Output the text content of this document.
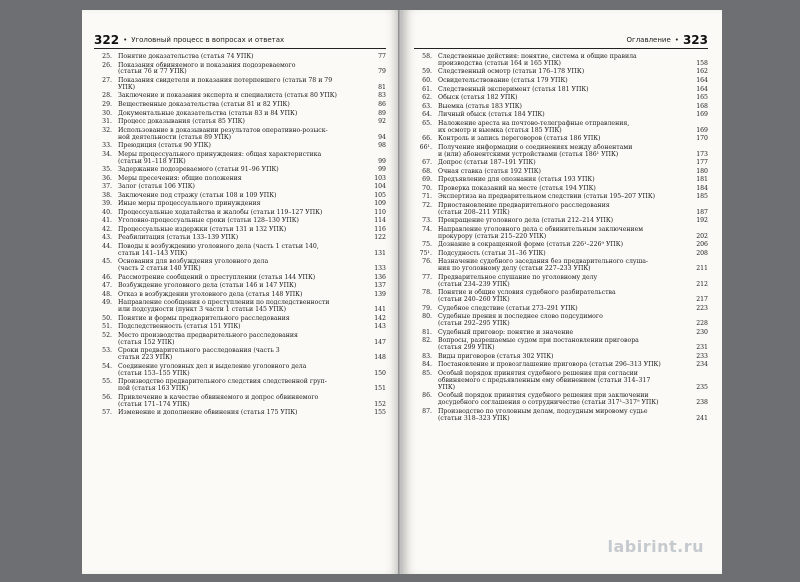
322 • Уголовный процесс в вопросах и ответах
25. Понятие доказательства (статья 74 УПК)	77
26. Показания обвиняемого и показания подозреваемого
(статьи 76 и 77 УПК)	79
27. Показания свидетеля и показания потерпевшего (статьи 78 и 79
УПК)	81
28. Заключение и показания эксперта и специалиста (статья 80 УПК)	83
29. Вещественные доказательства (статьи 81 и 82 УПК)	86
30. Документальные доказательства (статьи 83 и 84 УПК)	89
31. Процесс доказывания (статья 85 УПК)	92
32. Использование в доказывании результатов оперативно-розыск-
ной деятельности (статья 89 УПК)	94
33. Преюдиция (статья 90 УПК)	98
34. Меры процессуального принуждения: общая характеристика
(статьи 91–118 УПК)	99
35. Задержание подозреваемого (статьи 91–96 УПК)	99
36. Меры пресечения: общие положения	103
37. Залог (статья 106 УПК)	104
38. Заключение под стражу (статьи 108 и 109 УПК)	105
39. Иные меры процессуального принуждения	109
40. Процессуальные ходатайства и жалобы (статьи 119–127 УПК)	110
41. Уголовно-процессуальные сроки (статьи 128–130 УПК)	114
42. Процессуальные издержки (статьи 131 и 132 УПК)	116
43. Реабилитация (статьи 133–139 УПК)	122
44. Поводы к возбуждению уголовного дела (часть 1 статьи 140,
статьи 141–143 УПК)	131
45. Основания для возбуждения уголовного дела
(часть 2 статьи 140 УПК)	133
46. Рассмотрение сообщений о преступлении (статья 144 УПК)	136
47. Возбуждение уголовного дела (статьи 146 и 147 УПК)	137
48. Отказ в возбуждении уголовного дела (статья 148 УПК)	139
49. Направление сообщения о преступлении по подследственности
или подсудности (пункт 3 части 1 статьи 145 УПК)	141
50. Понятие и формы предварительного расследования	142
51. Подследственность (статья 151 УПК)	143
52. Место производства предварительного расследования
(статья 152 УПК)	147
53. Сроки предварительного расследования (часть 3
статьи 223 УПК)	148
54. Соединение уголовных дел и выделение уголовного дела
(статьи 153–155 УПК)	150
55. Производство предварительного следствия следственной груп-
пой (статья 163 УПК)	151
56. Привлечение в качестве обвиняемого и допрос обвиняемого
(статьи 171–174 УПК)	152
57. Изменение и дополнение обвинения (статья 175 УПК)	155
Оглавление • 323
58. Следственные действия: понятие, система и общие правила
производства (статьи 164 и 165 УПК)	158
59. Следственный осмотр (статьи 176–178 УПК)	162
60. Освидетельствование (статья 179 УПК)	164
61. Следственный эксперимент (статья 181 УПК)	164
62. Обыск (статья 182 УПК)	165
63. Выемка (статья 183 УПК)	168
64. Личный обыск (статья 184 УПК)	169
65. Наложение ареста на почтово-телеграфные отправления,
их осмотр и выемка (статья 185 УПК)	169
66. Контроль и запись переговоров (статья 186 УПК)	170
66¹. Получение информации о соединениях между абонентами
и (или) абонентскими устройствами (статья 186¹ УПК)	173
67. Допрос (статьи 187–191 УПК)	177
68. Очная ставка (статья 192 УПК)	180
69. Предъявление для опознания (статья 193 УПК)	181
70. Проверка показаний на месте (статья 194 УПК)	184
71. Экспертиза на предварительном следствии (статьи 195–207 УПК)	185
72. Приостановление предварительного расследования
(статьи 208–211 УПК)	187
73. Прекращение уголовного дела (статьи 212–214 УПК)	192
74. Направление уголовного дела с обвинительным заключением
прокурору (статьи 215–220 УПК)	202
75. Дознание в сокращенной форме (статьи 226¹–226⁹ УПК)	206
75¹. Подсудность (статьи 31–36 УПК)	208
76. Назначение судебного заседания без предварительного слуша-
ния по уголовному делу (статьи 227–233 УПК)	211
77. Предварительное слушание по уголовному делу
(статьи 234–239 УПК)	212
78. Понятие и общие условия судебного разбирательства
(статьи 240–260 УПК)	217
79. Судебное следствие (статьи 273–291 УПК)	223
80. Судебные прения и последнее слово подсудимого
(статьи 292–295 УПК)	228
81. Судебный приговор: понятие и значение	230
82. Вопросы, разрешаемые судом при постановлении приговора
(статья 299 УПК)	231
83. Виды приговоров (статья 302 УПК)	233
84. Постановление и провозглашение приговора (статьи 296–313 УПК)	234
85. Особый порядок принятия судебного решения при согласии
обвиняемого с предъявленным ему обвинением (статьи 314–317
УПК)	235
86. Особый порядок принятия судебного решения при заключении
досудебного соглашения о сотрудничестве (статьи 317¹–317⁹ УПК)	238
87. Производство по уголовным делам, подсудным мировому судье
(статьи 318–323 УПК)	241
labirint.ru
